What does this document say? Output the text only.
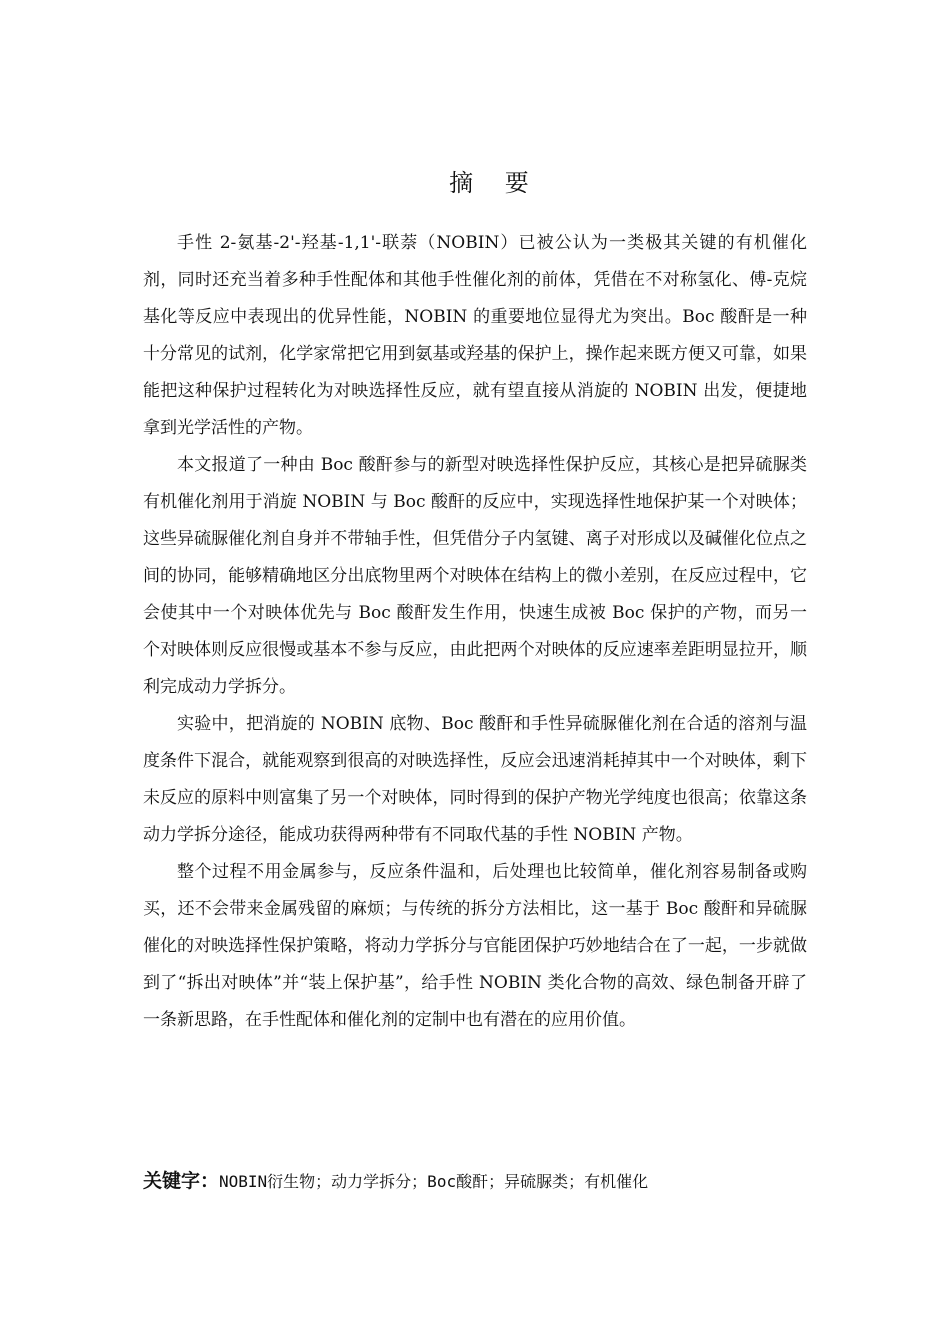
摘 要

手性 2-氨基-2'-羟基-1,1'-联萘（NOBIN）已被公认为一类极其关键的有机催化剂，同时还充当着多种手性配体和其他手性催化剂的前体，凭借在不对称氢化、傅-克烷基化等反应中表现出的优异性能，NOBIN 的重要地位显得尤为突出。Boc 酸酐是一种十分常见的试剂，化学家常把它用到氨基或羟基的保护上，操作起来既方便又可靠，如果能把这种保护过程转化为对映选择性反应，就有望直接从消旋的 NOBIN 出发，便捷地拿到光学活性的产物。

本文报道了一种由 Boc 酸酐参与的新型对映选择性保护反应，其核心是把异硫脲类有机催化剂用于消旋 NOBIN 与 Boc 酸酐的反应中，实现选择性地保护某一个对映体；这些异硫脲催化剂自身并不带轴手性，但凭借分子内氢键、离子对形成以及碱催化位点之间的协同，能够精确地区分出底物里两个对映体在结构上的微小差别，在反应过程中，它会使其中一个对映体优先与 Boc 酸酐发生作用，快速生成被 Boc 保护的产物，而另一个对映体则反应很慢或基本不参与反应，由此把两个对映体的反应速率差距明显拉开，顺利完成动力学拆分。

实验中，把消旋的 NOBIN 底物、Boc 酸酐和手性异硫脲催化剂在合适的溶剂与温度条件下混合，就能观察到很高的对映选择性，反应会迅速消耗掉其中一个对映体，剩下未反应的原料中则富集了另一个对映体，同时得到的保护产物光学纯度也很高；依靠这条动力学拆分途径，能成功获得两种带有不同取代基的手性 NOBIN 产物。

整个过程不用金属参与，反应条件温和，后处理也比较简单，催化剂容易制备或购买，还不会带来金属残留的麻烦；与传统的拆分方法相比，这一基于 Boc 酸酐和异硫脲催化的对映选择性保护策略，将动力学拆分与官能团保护巧妙地结合在了一起，一步就做到了“拆出对映体”并“装上保护基”，给手性 NOBIN 类化合物的高效、绿色制备开辟了一条新思路，在手性配体和催化剂的定制中也有潜在的应用价值。

关键字：NOBIN衍生物；动力学拆分；Boc酸酐；异硫脲类；有机催化
